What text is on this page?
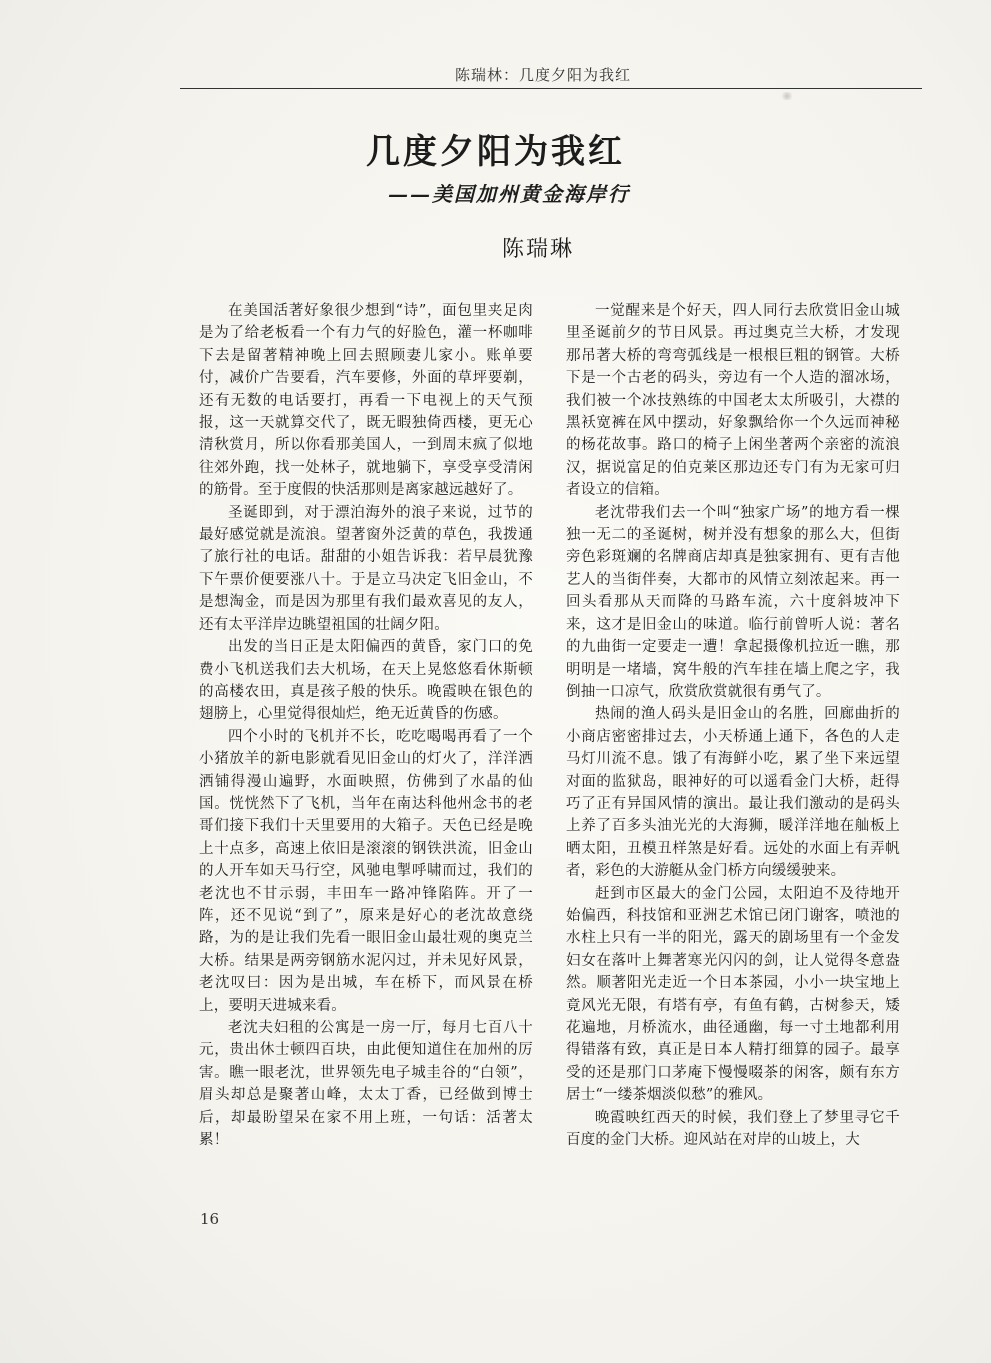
陈瑞林：几度夕阳为我红
几度夕阳为我红
——美国加州黄金海岸行
陈瑞琳

在美国活著好象很少想到“诗”，面包里夹足肉是为了给老板看一个有力气的好脸色，灌一杯咖啡下去是留著精神晚上回去照顾妻儿家小。账单要付，减价广告要看，汽车要修，外面的草坪要剃，还有无数的电话要打，再看一下电视上的天气预报，这一天就算交代了，既无暇独倚西楼，更无心清秋赏月，所以你看那美国人，一到周末疯了似地往郊外跑，找一处林子，就地躺下，享受享受清闲的筋骨。至于度假的快活那则是离家越远越好了。

圣诞即到，对于漂泊海外的浪子来说，过节的最好感觉就是流浪。望著窗外泛黄的草色，我拨通了旅行社的电话。甜甜的小姐告诉我：若早晨犹豫下午票价便要涨八十。于是立马决定飞旧金山，不是想淘金，而是因为那里有我们最欢喜见的友人，还有太平洋岸边眺望祖国的壮阔夕阳。

出发的当日正是太阳偏西的黄昏，家门口的免费小飞机送我们去大机场，在天上晃悠悠看休斯顿的高楼农田，真是孩子般的快乐。晚霞映在银色的翅膀上，心里觉得很灿烂，绝无近黄昏的伤感。

四个小时的飞机并不长，吃吃喝喝再看了一个小猪放羊的新电影就看见旧金山的灯火了，洋洋洒洒铺得漫山遍野，水面映照，仿佛到了水晶的仙国。恍恍然下了飞机，当年在南达科他州念书的老哥们接下我们十天里要用的大箱子。天色已经是晚上十点多，高速上依旧是滚滚的钢铁洪流，旧金山的人开车如天马行空，风驰电掣呼啸而过，我们的老沈也不甘示弱，丰田车一路冲锋陷阵。开了一阵，还不见说“到了”，原来是好心的老沈故意绕路，为的是让我们先看一眼旧金山最壮观的奥克兰大桥。结果是两旁钢筋水泥闪过，并未见好风景，老沈叹曰：因为是出城，车在桥下，而风景在桥上，要明天进城来看。

老沈夫妇租的公寓是一房一厅，每月七百八十元，贵出休士顿四百块，由此便知道住在加州的厉害。瞧一眼老沈，世界领先电子城圭谷的“白领”，眉头却总是聚著山峰，太太丁香，已经做到博士后，却最盼望呆在家不用上班，一句话：活著太累！

一觉醒来是个好天，四人同行去欣赏旧金山城里圣诞前夕的节日风景。再过奥克兰大桥，才发现那吊著大桥的弯弯弧线是一根根巨粗的钢管。大桥下是一个古老的码头，旁边有一个人造的溜冰场，我们被一个冰技熟练的中国老太太所吸引，大襟的黑袄宽裤在风中摆动，好象飘给你一个久远而神秘的杨花故事。路口的椅子上闲坐著两个亲密的流浪汉，据说富足的伯克莱区那边还专门有为无家可归者设立的信箱。

老沈带我们去一个叫“独家广场”的地方看一棵独一无二的圣诞树，树并没有想象的那么大，但街旁色彩斑斓的名牌商店却真是独家拥有、更有吉他艺人的当街伴奏，大都市的风情立刻浓起来。再一回头看那从天而降的马路车流，六十度斜坡冲下来，这才是旧金山的味道。临行前曾听人说：著名的九曲街一定要走一遭！拿起摄像机拉近一瞧，那明明是一堵墙，窝牛般的汽车挂在墙上爬之字，我倒抽一口凉气，欣赏欣赏就很有勇气了。

热闹的渔人码头是旧金山的名胜，回廊曲折的小商店密密排过去，小天桥通上通下，各色的人走马灯川流不息。饿了有海鲜小吃，累了坐下来远望对面的监狱岛，眼神好的可以遥看金门大桥，赶得巧了正有异国风情的演出。最让我们激动的是码头上养了百多头油光光的大海狮，暖洋洋地在舢板上晒太阳，丑模丑样煞是好看。远处的水面上有弄帆者，彩色的大游艇从金门桥方向缓缓驶来。

赶到市区最大的金门公园，太阳迫不及待地开始偏西，科技馆和亚洲艺术馆已闭门谢客，喷池的水柱上只有一半的阳光，露天的剧场里有一个金发妇女在落叶上舞著寒光闪闪的剑，让人觉得冬意盎然。顺著阳光走近一个日本茶园，小小一块宝地上竟风光无限，有塔有亭，有鱼有鹤，古树参天，矮花遍地，月桥流水，曲径通幽，每一寸土地都利用得错落有致，真正是日本人精打细算的园子。最享受的还是那门口茅庵下慢慢啜茶的闲客，颇有东方居士“一缕茶烟淡似愁”的雅风。

晚霞映红西天的时候，我们登上了梦里寻它千百度的金门大桥。迎风站在对岸的山坡上，大

16
